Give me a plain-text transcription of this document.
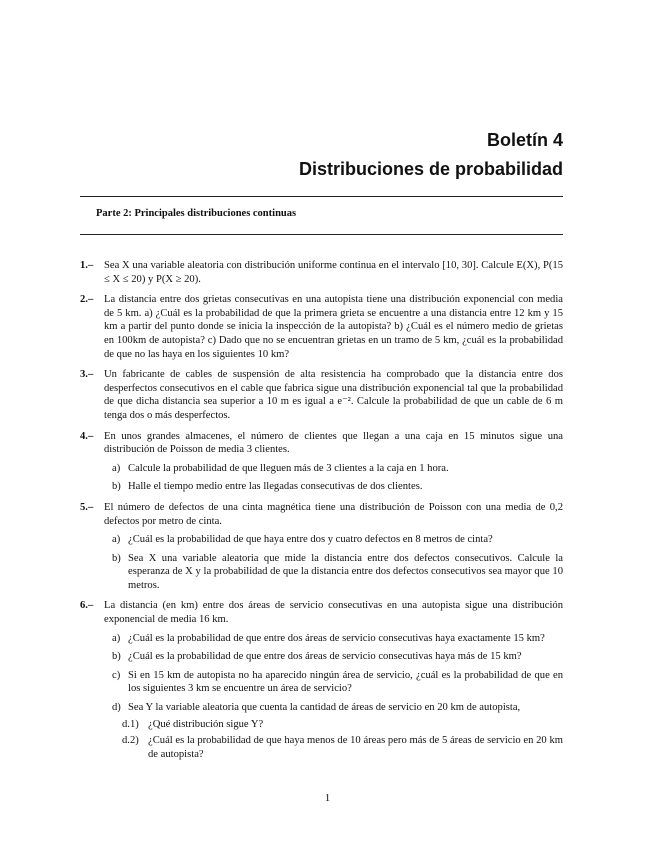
Boletín 4
Distribuciones de probabilidad
Parte 2: Principales distribuciones continuas
1.– Sea X una variable aleatoria con distribución uniforme continua en el intervalo [10, 30]. Calcule E(X), P(15 ≤ X ≤ 20) y P(X ≥ 20).
2.– La distancia entre dos grietas consecutivas en una autopista tiene una distribución exponencial con media de 5 km. a) ¿Cuál es la probabilidad de que la primera grieta se encuentre a una distancia entre 12 km y 15 km a partir del punto donde se inicia la inspección de la autopista? b) ¿Cuál es el número medio de grietas en 100km de autopista? c) Dado que no se encuentran grietas en un tramo de 5 km, ¿cuál es la probabilidad de que no las haya en los siguientes 10 km?
3.– Un fabricante de cables de suspensión de alta resistencia ha comprobado que la distancia entre dos desperfectos consecutivos en el cable que fabrica sigue una distribución exponencial tal que la probabilidad de que dicha distancia sea superior a 10 m es igual a e⁻². Calcule la probabilidad de que un cable de 6 m tenga dos o más desperfectos.
4.– En unos grandes almacenes, el número de clientes que llegan a una caja en 15 minutos sigue una distribución de Poisson de media 3 clientes.
a) Calcule la probabilidad de que lleguen más de 3 clientes a la caja en 1 hora.
b) Halle el tiempo medio entre las llegadas consecutivas de dos clientes.
5.– El número de defectos de una cinta magnética tiene una distribución de Poisson con una media de 0,2 defectos por metro de cinta.
a) ¿Cuál es la probabilidad de que haya entre dos y cuatro defectos en 8 metros de cinta?
b) Sea X una variable aleatoria que mide la distancia entre dos defectos consecutivos. Calcule la esperanza de X y la probabilidad de que la distancia entre dos defectos consecutivos sea mayor que 10 metros.
6.– La distancia (en km) entre dos áreas de servicio consecutivas en una autopista sigue una distribución exponencial de media 16 km.
a) ¿Cuál es la probabilidad de que entre dos áreas de servicio consecutivas haya exactamente 15 km?
b) ¿Cuál es la probabilidad de que entre dos áreas de servicio consecutivas haya más de 15 km?
c) Si en 15 km de autopista no ha aparecido ningún área de servicio, ¿cuál es la probabilidad de que en los siguientes 3 km se encuentre un área de servicio?
d) Sea Y la variable aleatoria que cuenta la cantidad de áreas de servicio en 20 km de autopista,
d.1) ¿Qué distribución sigue Y?
d.2) ¿Cuál es la probabilidad de que haya menos de 10 áreas pero más de 5 áreas de servicio en 20 km de autopista?
1
